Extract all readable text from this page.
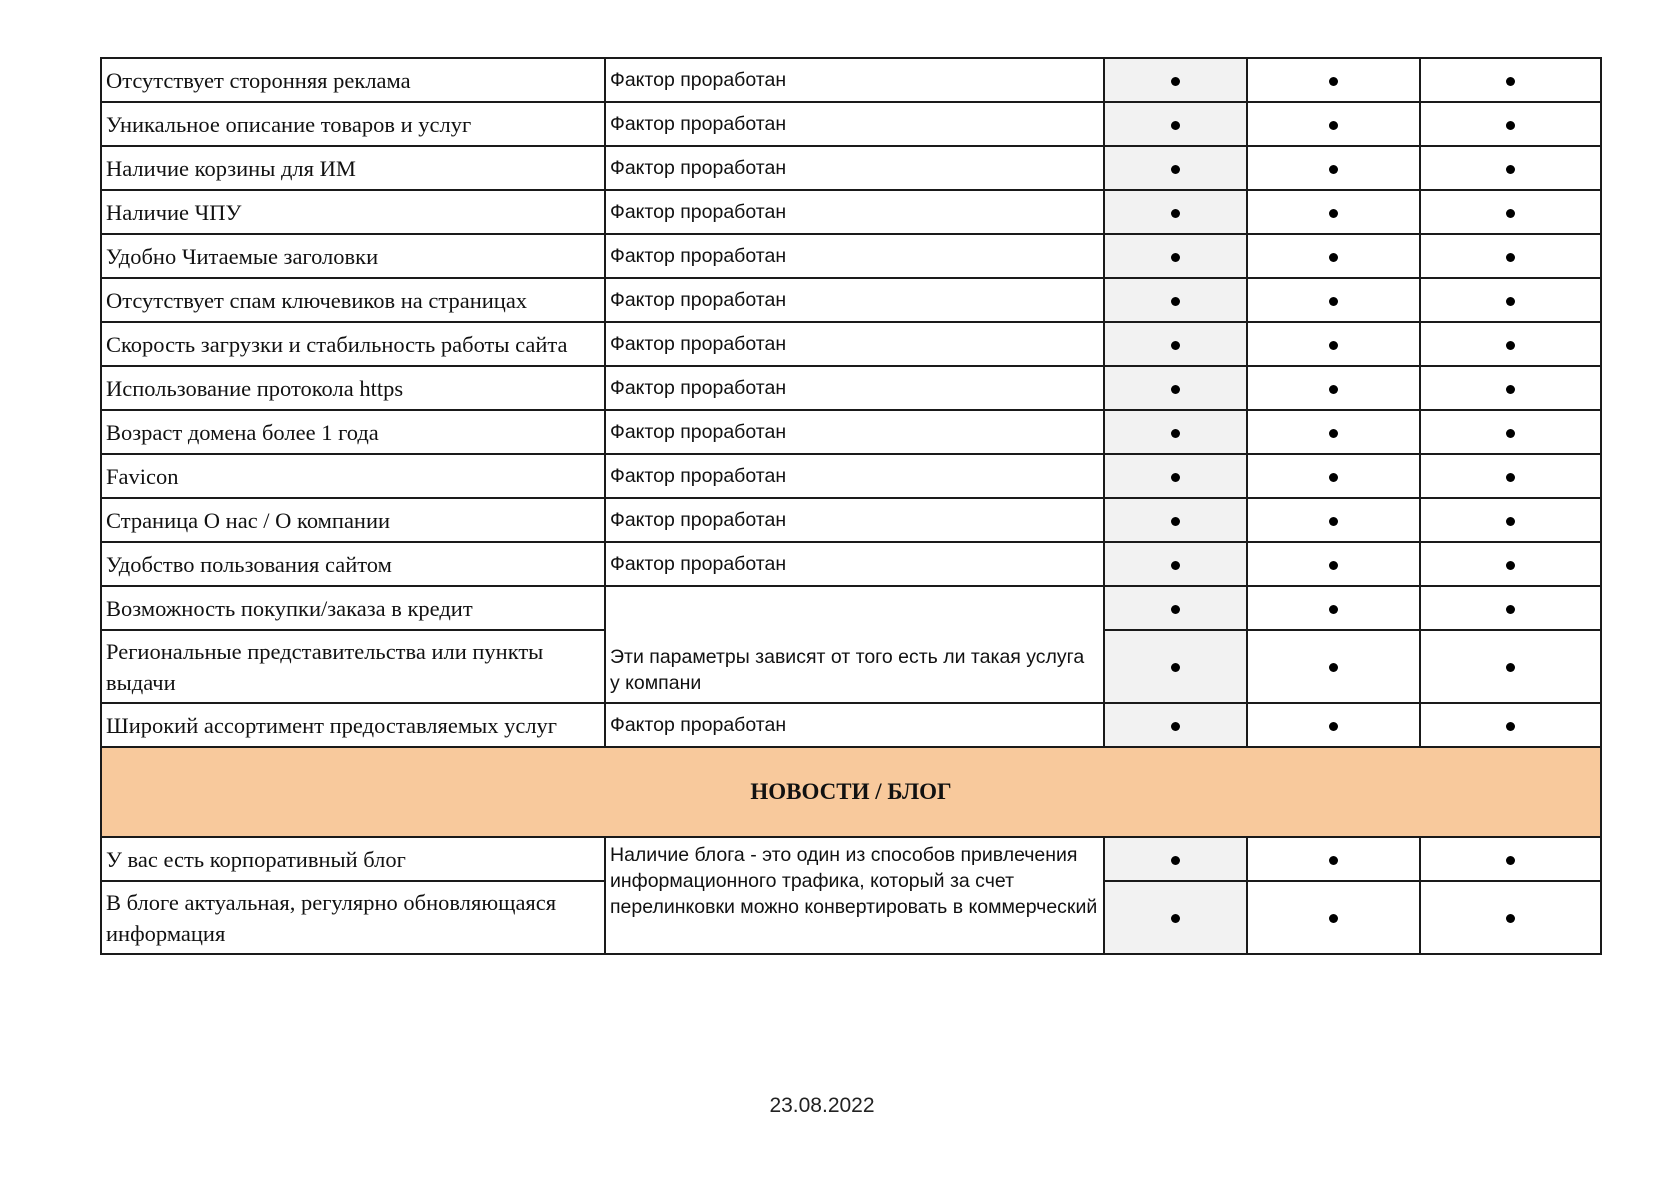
Отсутствует сторонняя реклама	Фактор проработан			
Уникальное описание товаров и услуг	Фактор проработан			
Наличие корзины для ИМ	Фактор проработан			
Наличие ЧПУ	Фактор проработан			
Удобно Читаемые заголовки	Фактор проработан			
Отсутствует спам ключевиков на страницах	Фактор проработан			
Скорость загрузки и стабильность работы сайта	Фактор проработан			
Использование протокола https	Фактор проработан			
Возраст домена более 1 года	Фактор проработан			
Favicon	Фактор проработан			
Страница О нас / О компании	Фактор проработан			
Удобство пользования сайтом	Фактор проработан			
Возможность покупки/заказа в кредит	Эти параметры зависят от того есть ли такая услуга у компани			
Региональные представительства или пункты выдачи				
Широкий ассортимент предоставляемых услуг	Фактор проработан			
НОВОСТИ / БЛОГ				
У вас есть корпоративный блог	Наличие блога - это один из способов привлечения информационного трафика, который за счет перелинковки можно конвертировать в коммерческий			
В блоге актуальная, регулярно обновляющаяся информация				
23.08.2022
